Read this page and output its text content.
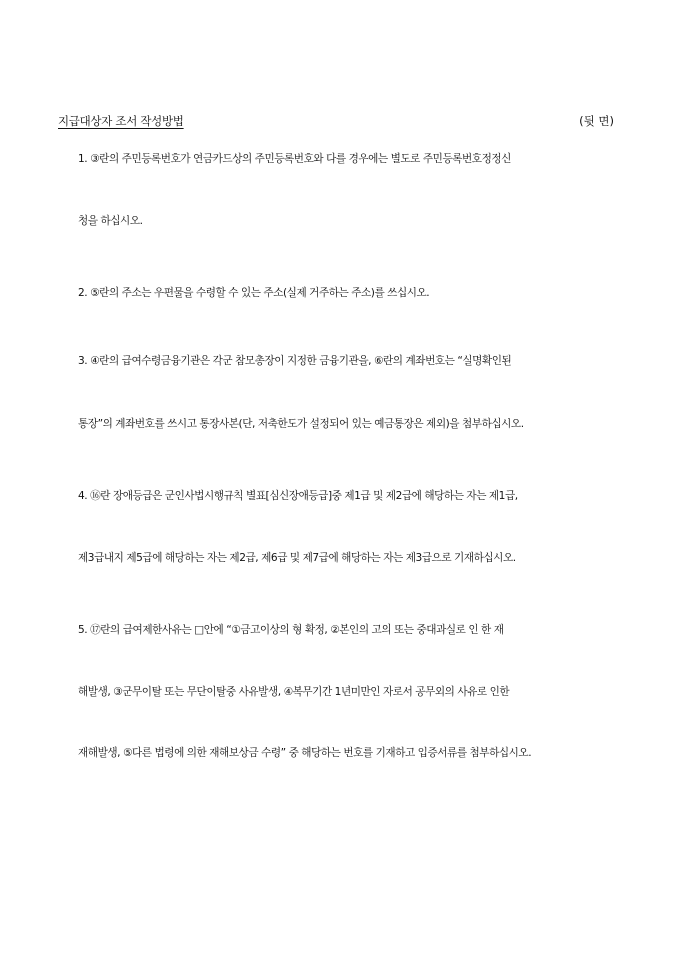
지급대상자 조서 작성방법	(뒷 면)
1. ③란의 주민등록번호가 연금카드상의 주민등록번호와 다를 경우에는 별도로 주민등록번호정정신
청을 하십시오.
2. ⑤란의 주소는 우편물을 수령할 수 있는 주소(실제 거주하는 주소)를 쓰십시오.
3. ④란의 급여수령금융기관은 각군 참모총장이 지정한 금융기관을, ⑥란의 계좌번호는 “실명확인된
통장”의 계좌번호를 쓰시고 통장사본(단, 저축한도가 설정되어 있는 예금통장은 제외)을 첨부하십시오.
4. ⑯란 장애등급은 군인사법시행규칙 별표[심신장애등급]중 제1급 및 제2급에 해당하는 자는 제1급,
제3급내지 제5급에 해당하는 자는 제2급, 제6급 및 제7급에 해당하는 자는 제3급으로 기재하십시오.
5. ⑰란의 급여제한사유는 □안에 “①금고이상의 형 확정, ②본인의 고의 또는 중대과실로 인 한 재
해발생, ③군무이탈 또는 무단이탈중 사유발생, ④복무기간 1년미만인 자로서 공무외의 사유로 인한
재해발생, ⑤다른 법령에 의한 재해보상금 수령” 중 해당하는 번호를 기재하고 입증서류를 첨부하십시오.
